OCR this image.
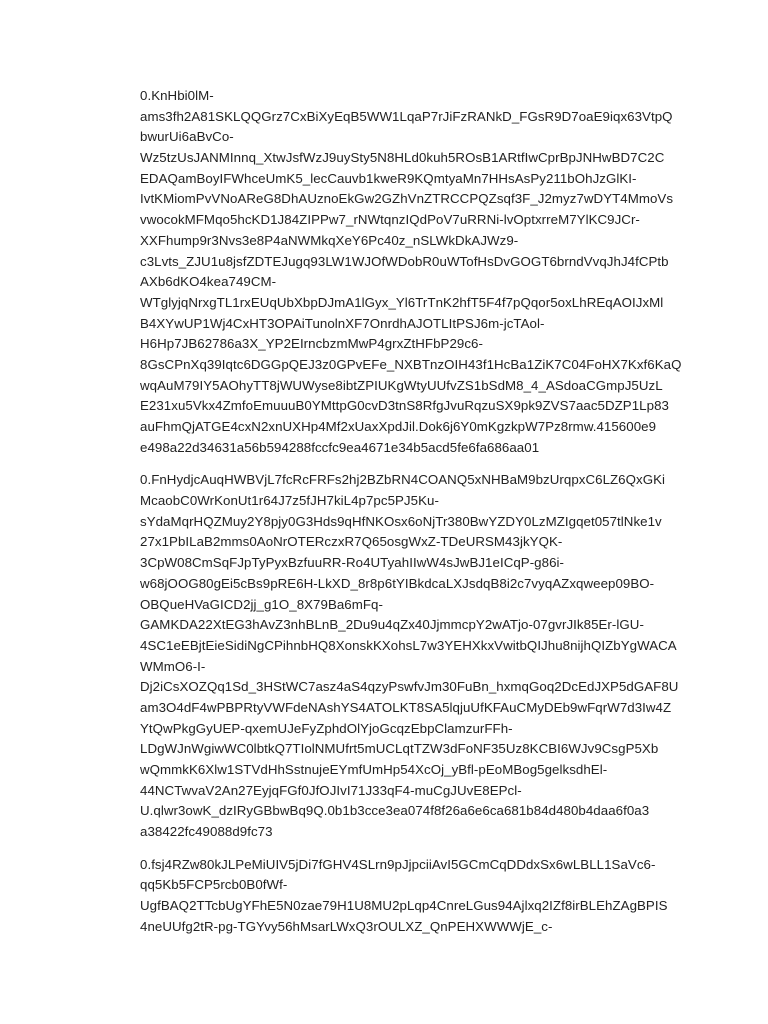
0.KnHbi0lM-
ams3fh2A81SKLQQGrz7CxBiXyEqB5WW1LqaP7rJiFzRANkD_FGsR9D7oaE9iqx63VtpQ
bwurUi6aBvCo-
Wz5tzUsJANMInnq_XtwJsfWzJ9uySty5N8HLd0kuh5ROsB1ARtfIwCprBpJNHwBD7C2C
EDAQamBoyIFWhceUmK5_lecCauvb1kweR9KQmtyaMn7HHsAsPy211bOhJzGlKI-
IvtKMiomPvVNoAReG8DhAUznoEkGw2GZhVnZTRCCPQZsqf3F_J2myz7wDYT4MmoVs
vwocokMFMqo5hcKD1J84ZIPPw7_rNWtqnzIQdPoV7uRRNi-lvOptxrreM7YlKC9JCr-
XXFhump9r3Nvs3e8P4aNWMkqXeY6Pc40z_nSLWkDkAJWz9-
c3Lvts_ZJU1u8jsfZDTEJugq93LW1WJOfWDobR0uWTofHsDvGOGT6brndVvqJhJ4fCPtb
AXb6dKO4kea749CM-
WTglyjqNrxgTL1rxEUqUbXbpDJmA1lGyx_Yl6TrTnK2hfT5F4f7pQqor5oxLhREqAOIJxMl
B4XYwUP1Wj4CxHT3OPAiTunolnXF7OnrdhAJOTLItPSJ6m-jcTAol-
H6Hp7JB62786a3X_YP2EIrncbzmMwP4grxZtHFbP29c6-
8GsCPnXq39Iqtc6DGGpQEJ3z0GPvEFe_NXBTnzOIH43f1HcBa1ZiK7C04FoHX7Kxf6KaQ
wqAuM79IY5AOhyTT8jWUWyse8ibtZPIUKgWtyUUfvZS1bSdM8_4_ASdoaCGmpJ5UzL
E231xu5Vkx4ZmfoEmuuuB0YMttpG0cvD3tnS8RfgJvuRqzuSX9pk9ZVS7aac5DZP1Lp83
auFhmQjATGE4cxN2xnUXHp4Mf2xUaxXpdJil.Dok6j6Y0mKgzkpW7Pz8rmw.415600e9
e498a22d34631a56b594288fccfc9ea4671e34b5acd5fe6fa686aa01
0.FnHydjcAuqHWBVjL7fcRcFRFs2hj2BZbRN4COANQ5xNHBaM9bzUrqpxC6LZ6QxGKi
McaobC0WrKonUt1r64J7z5fJH7kiL4p7pc5PJ5Ku-
sYdaMqrHQZMuy2Y8pjy0G3Hds9qHfNKOsx6oNjTr380BwYZDY0LzMZIgqet057tlNke1v
27x1PbILaB2mms0AoNrOTERczxR7Q65osgWxZ-TDeURSM43jkYQK-
3CpW08CmSqFJpTyPyxBzfuuRR-Ro4UTyahIIwW4sJwBJ1eICqP-g86i-
w68jOOG80gEi5cBs9pRE6H-LkXD_8r8p6tYIBkdcaLXJsdqB8i2c7vyqAZxqweep09BO-
OBQueHVaGICD2jj_g1O_8X79Ba6mFq-
GAMKDA22XtEG3hAvZ3nhBLnB_2Du9u4qZx40JjmmcpY2wATjo-07gvrJIk85Er-lGU-
4SC1eEBjtEieSidiNgCPihnbHQ8XonskKXohsL7w3YEHXkxVwitbQIJhu8nijhQIZbYgWACA
WMmO6-I-
Dj2iCsXOZQq1Sd_3HStWC7asz4aS4qzyPswfvJm30FuBn_hxmqGoq2DcEdJXP5dGAF8U
am3O4dF4wPBPRtyVWFdeNAshYS4ATOLKT8SA5lqjuUfKFAuCMyDEb9wFqrW7d3Iw4Z
YtQwPkgGyUEP-qxemUJeFyZphdOlYjoGcqzEbpClamzurFFh-
LDgWJnWgiwWC0lbtkQ7TIolNMUfrt5mUCLqtTZW3dFoNF35Uz8KCBI6WJv9CsgP5Xb
wQmmkK6Xlw1STVdHhSstnujeEYmfUmHp54XcOj_yBfl-pEoMBog5gelksdhEl-
44NCTwvaV2An27EyjqFGf0JfOJIvI71J33qF4-muCgJUvE8EPcl-
U.qlwr3owK_dzIRyGBbwBq9Q.0b1b3cce3ea074f8f26a6e6ca681b84d480b4daa6f0a3
a38422fc49088d9fc73
0.fsj4RZw80kJLPeMiUIV5jDi7fGHV4SLrn9pJjpciiAvI5GCmCqDDdxSx6wLBLL1SaVc6-
qq5Kb5FCP5rcb0B0fWf-
UgfBAQ2TTcbUgYFhE5N0zae79H1U8MU2pLqp4CnreLGus94Ajlxq2IZf8irBLEhZAgBPIS
4neUUfg2tR-pg-TGYvy56hMsarLWxQ3rOULXZ_QnPEHXWWWjE_c-
